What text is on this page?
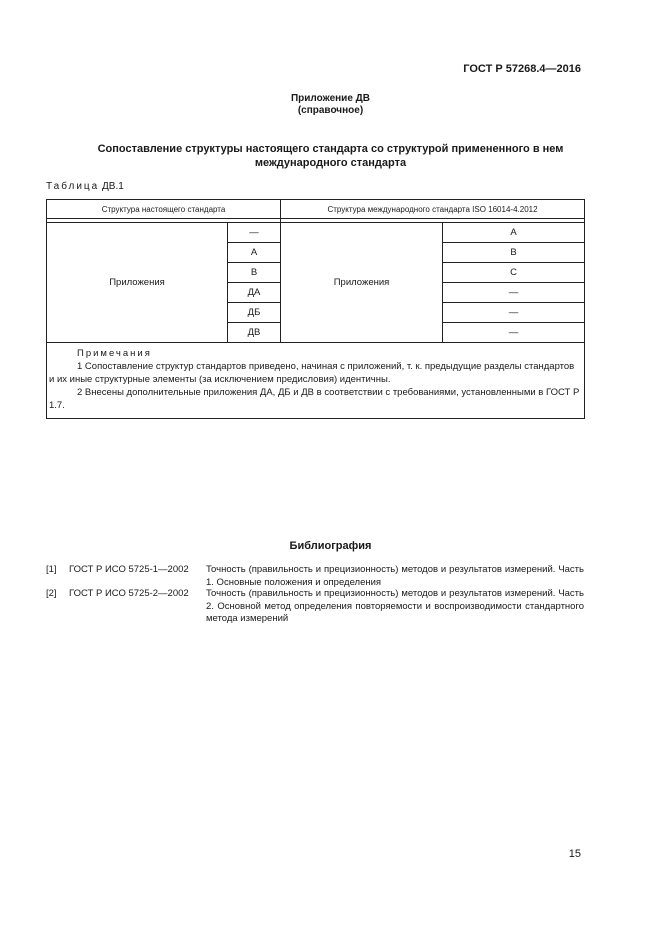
ГОСТ Р 57268.4—2016
Приложение ДВ
(справочное)
Сопоставление структуры настоящего стандарта со структурой примененного в нем
международного стандарта
Таблица ДВ.1
Структура настоящего стандарта		Структура международного стандарта ISO 16014-4.2012	

Приложения	—	Приложения	A
	А		B
	В		C
	ДА		—
	ДБ		—
	ДВ		—

Примечания
1 Сопоставление структур стандартов приведено, начиная с приложений, т. к. предыдущие разделы стандартов и их иные структурные элементы (за исключением предисловия) идентичны.
2 Внесены дополнительные приложения ДА, ДБ и ДВ в соответствии с требованиями, установленными в ГОСТ Р 1.7.			
Библиография
[1] ГОСТ Р ИСО 5725-1—2002 Точность (правильность и прецизионность) методов и результатов измерений. Часть 1. Основные положения и определения
[2] ГОСТ Р ИСО 5725-2—2002 Точность (правильность и прецизионность) методов и результатов измерений. Часть 2. Основной метод определения повторяемости и воспроизводимости стандартного метода измерений
15
